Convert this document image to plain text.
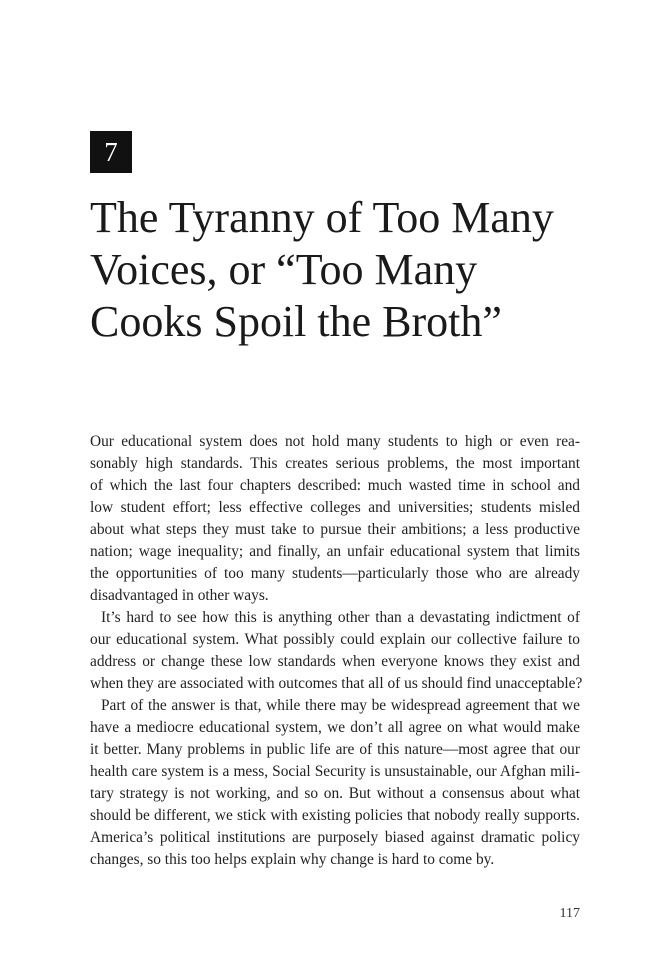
7
The Tyranny of Too Many
Voices, or “Too Many
Cooks Spoil the Broth”
Our educational system does not hold many students to high or even rea-
sonably high standards. This creates serious problems, the most important
of which the last four chapters described: much wasted time in school and
low student effort; less effective colleges and universities; students misled
about what steps they must take to pursue their ambitions; a less productive
nation; wage inequality; and finally, an unfair educational system that limits
the opportunities of too many students—particularly those who are already
disadvantaged in other ways.
It’s hard to see how this is anything other than a devastating indictment of
our educational system. What possibly could explain our collective failure to
address or change these low standards when everyone knows they exist and
when they are associated with outcomes that all of us should find unacceptable?
Part of the answer is that, while there may be widespread agreement that we
have a mediocre educational system, we don’t all agree on what would make
it better. Many problems in public life are of this nature—most agree that our
health care system is a mess, Social Security is unsustainable, our Afghan mili-
tary strategy is not working, and so on. But without a consensus about what
should be different, we stick with existing policies that nobody really supports.
America’s political institutions are purposely biased against dramatic policy
changes, so this too helps explain why change is hard to come by.
117
